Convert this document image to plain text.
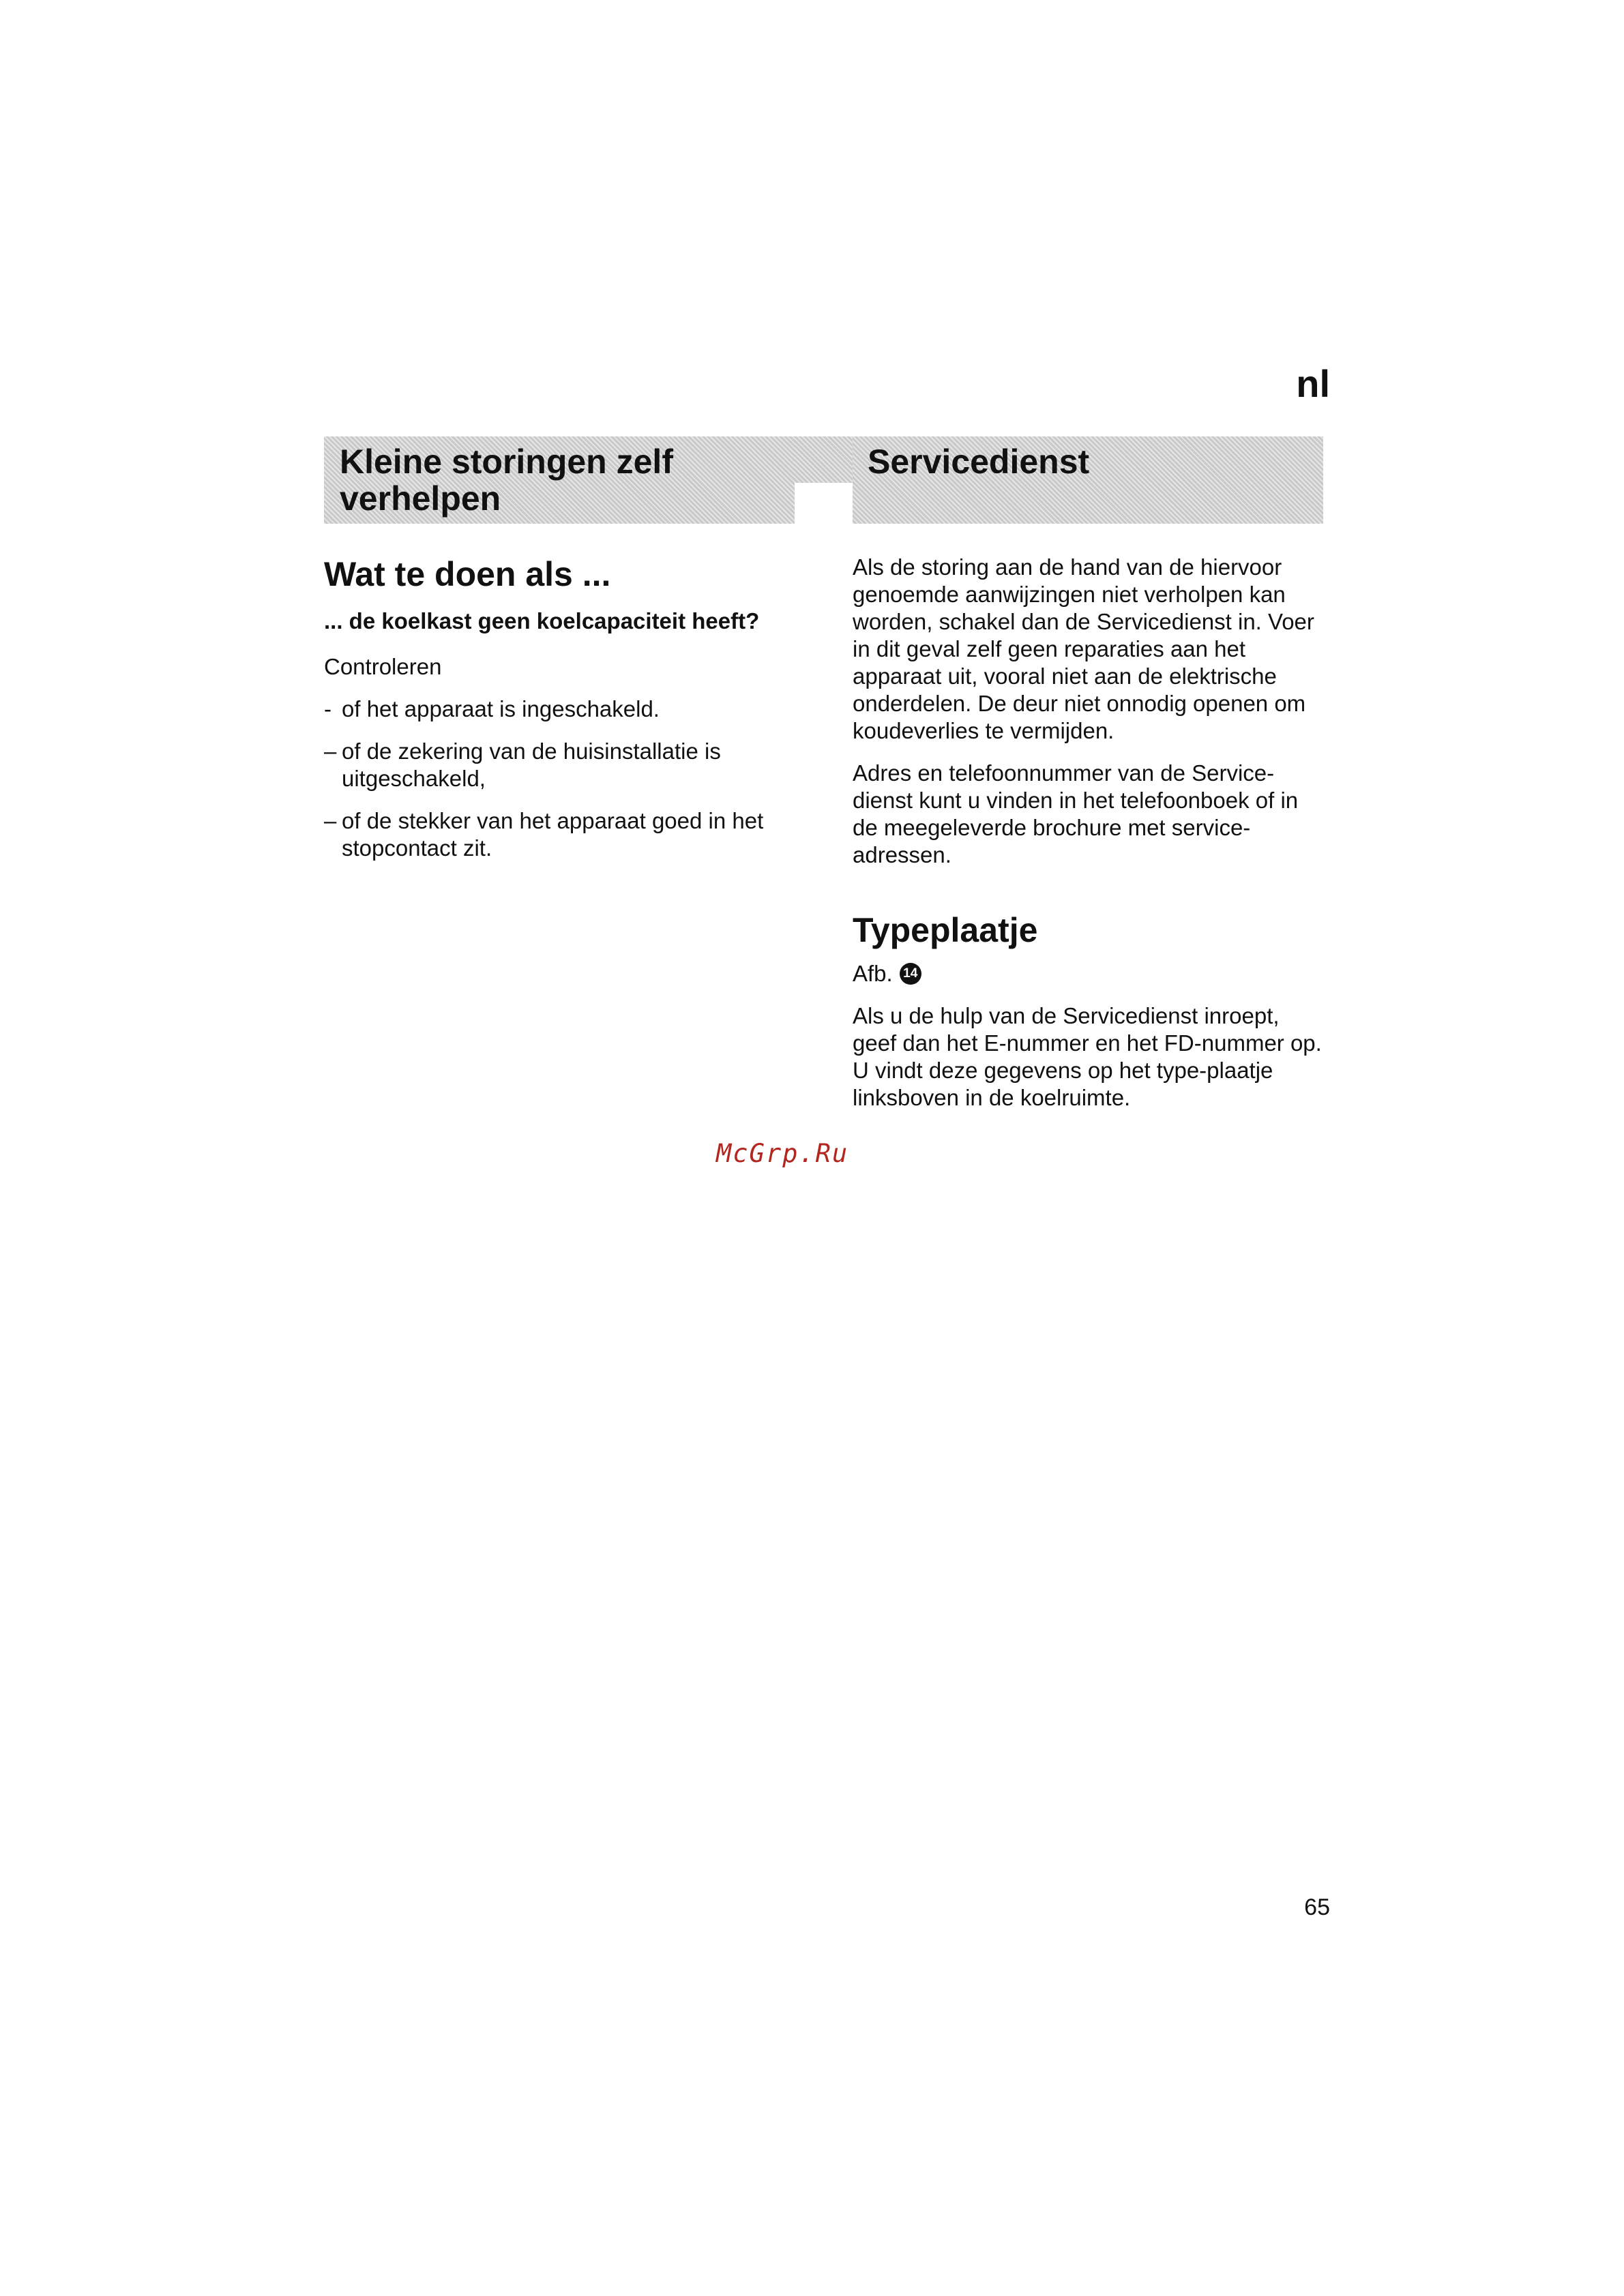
nl
Kleine storingen zelf verhelpen
Servicedienst
Wat te doen als ...
... de koelkast geen koelcapaciteit heeft?

Controleren

- of het apparaat is ingeschakeld.
– of de zekering van de huisinstallatie is uitgeschakeld,
– of de stekker van het apparaat goed in het stopcontact zit.

Als de storing aan de hand van de hiervoor genoemde aanwijzingen niet verholpen kan worden, schakel dan de Servicedienst in. Voer in dit geval zelf geen reparaties aan het apparaat uit, vooral niet aan de elektrische onderdelen. De deur niet onnodig openen om koudeverlies te vermijden.

Adres en telefoonnummer van de Service-dienst kunt u vinden in het telefoonboek of in de meegeleverde brochure met service-adressen.

Typeplaatje
Afb. 14

Als u de hulp van de Servicedienst inroept, geef dan het E-nummer en het FD-nummer op. U vindt deze gegevens op het type-plaatje linksboven in de koelruimte.

McGrp.Ru
65
